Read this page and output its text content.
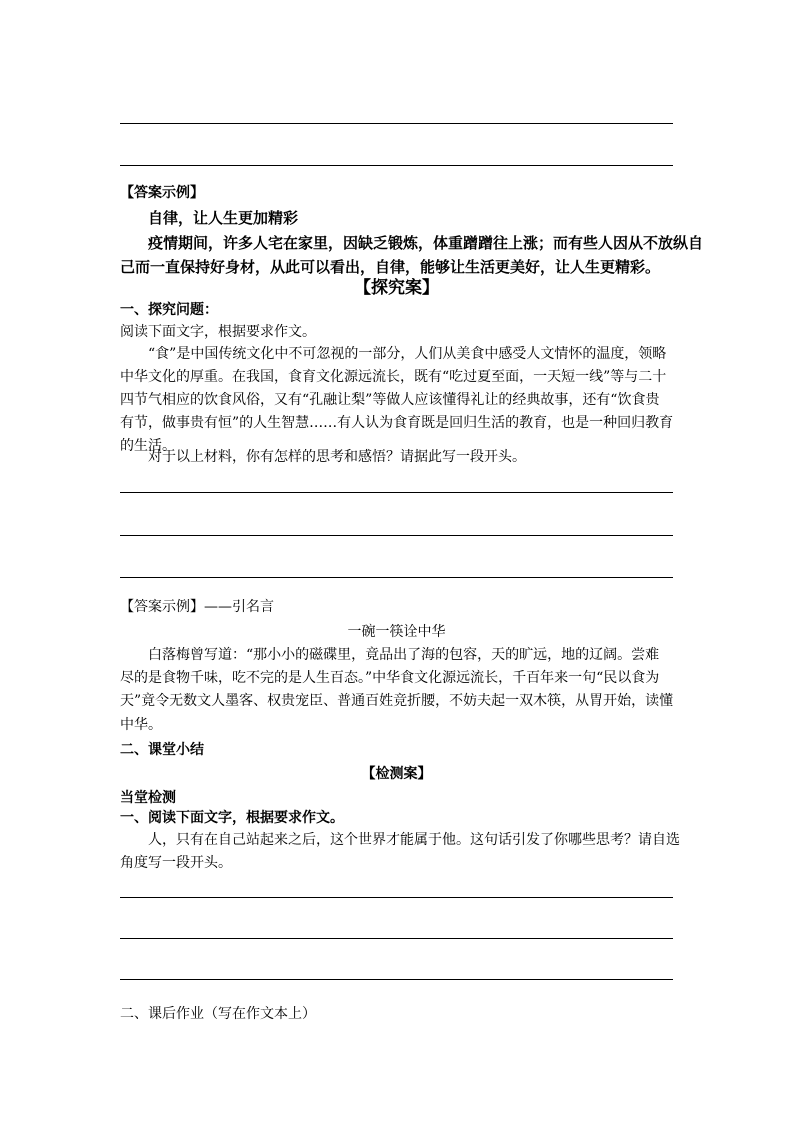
【答案示例】
自律，让人生更加精彩
疫情期间，许多人宅在家里，因缺乏锻炼，体重蹭蹭往上涨；而有些人因从不放纵自
己而一直保持好身材，从此可以看出，自律，能够让生活更美好，让人生更精彩。
【探究案】
一、探究问题：
阅读下面文字，根据要求作文。
“食”是中国传统文化中不可忽视的一部分，人们从美食中感受人文情怀的温度，领略
中华文化的厚重。在我国，食育文化源远流长，既有“吃过夏至面，一天短一线”等与二十
四节气相应的饮食风俗，又有“孔融让梨”等做人应该懂得礼让的经典故事，还有“饮食贵
有节，做事贵有恒”的人生智慧……有人认为食育既是回归生活的教育，也是一种回归教育
的生活。
对于以上材料，你有怎样的思考和感悟？请据此写一段开头。
【答案示例】——引名言
一碗一筷诠中华
白落梅曾写道：“那小小的磁碟里，竟品出了海的包容，天的旷远，地的辽阔。尝难
尽的是食物千味，吃不完的是人生百态。”中华食文化源远流长，千百年来一句“民以食为
天”竟令无数文人墨客、权贵宠臣、普通百姓竞折腰，不妨夫起一双木筷，从胃开始，读懂
中华。
二、课堂小结
【检测案】
当堂检测
一、阅读下面文字，根据要求作文。
人，只有在自己站起来之后，这个世界才能属于他。这句话引发了你哪些思考？请自选
角度写一段开头。
二、课后作业（写在作文本上）
